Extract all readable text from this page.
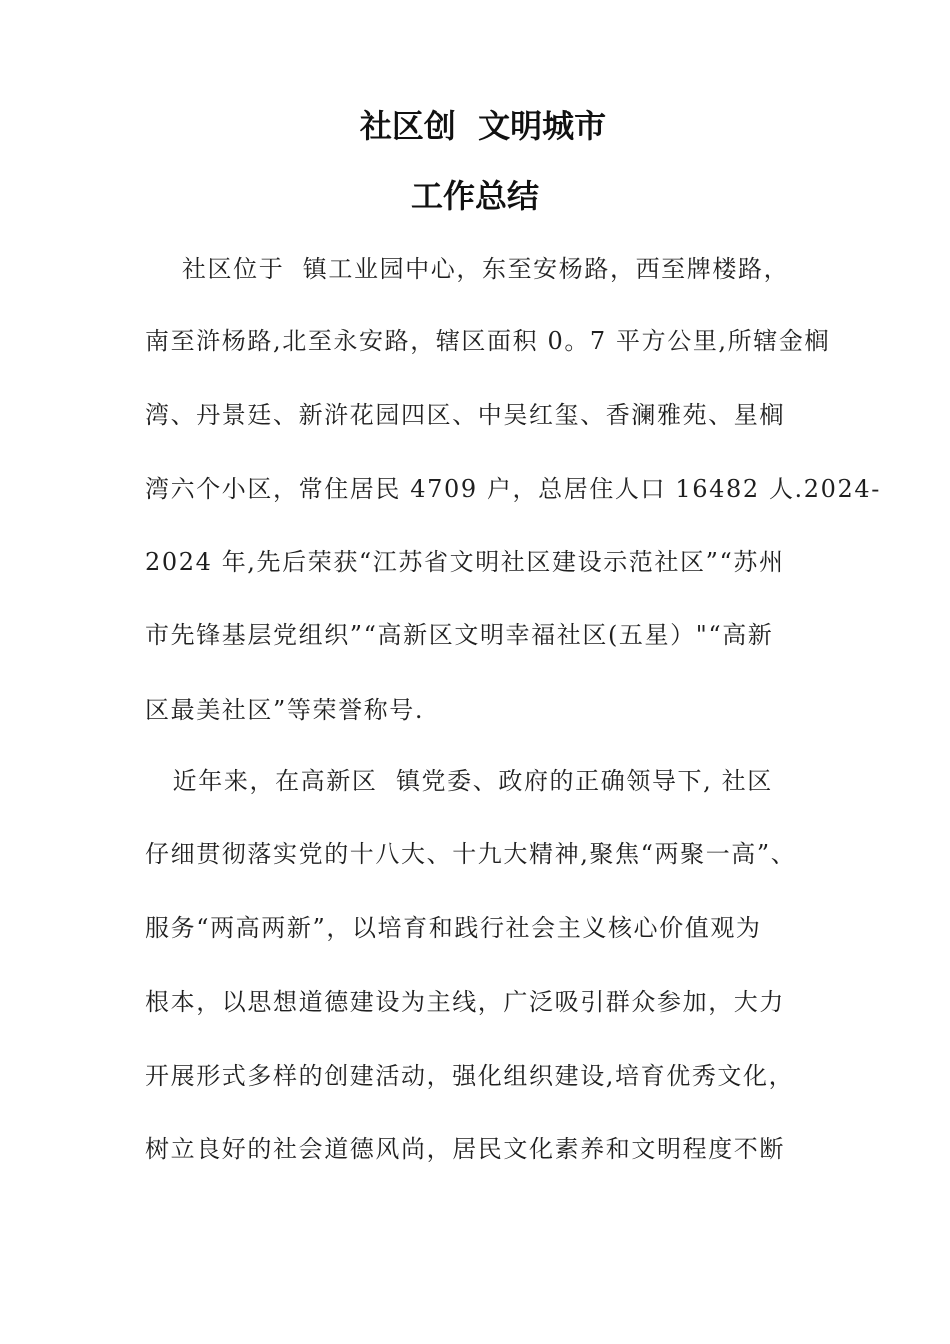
社区创  文明城市
工作总结
社区位于  镇工业园中心，东至安杨路，西至牌楼路，
南至浒杨路,北至永安路，辖区面积 0。7 平方公里,所辖金榈
湾、丹景廷、新浒花园四区、中吴红玺、香澜雅苑、星榈
湾六个小区，常住居民 4709 户，总居住人口 16482 人.2024-
2024 年,先后荣获“江苏省文明社区建设示范社区”“苏州
市先锋基层党组织”“高新区文明幸福社区(五星）"“高新
区最美社区”等荣誉称号.
近年来，在高新区  镇党委、政府的正确领导下, 社区
仔细贯彻落实党的十八大、十九大精神,聚焦“两聚一高”、
服务“两高两新”，以培育和践行社会主义核心价值观为
根本，以思想道德建设为主线，广泛吸引群众参加，大力
开展形式多样的创建活动，强化组织建设,培育优秀文化，
树立良好的社会道德风尚，居民文化素养和文明程度不断
